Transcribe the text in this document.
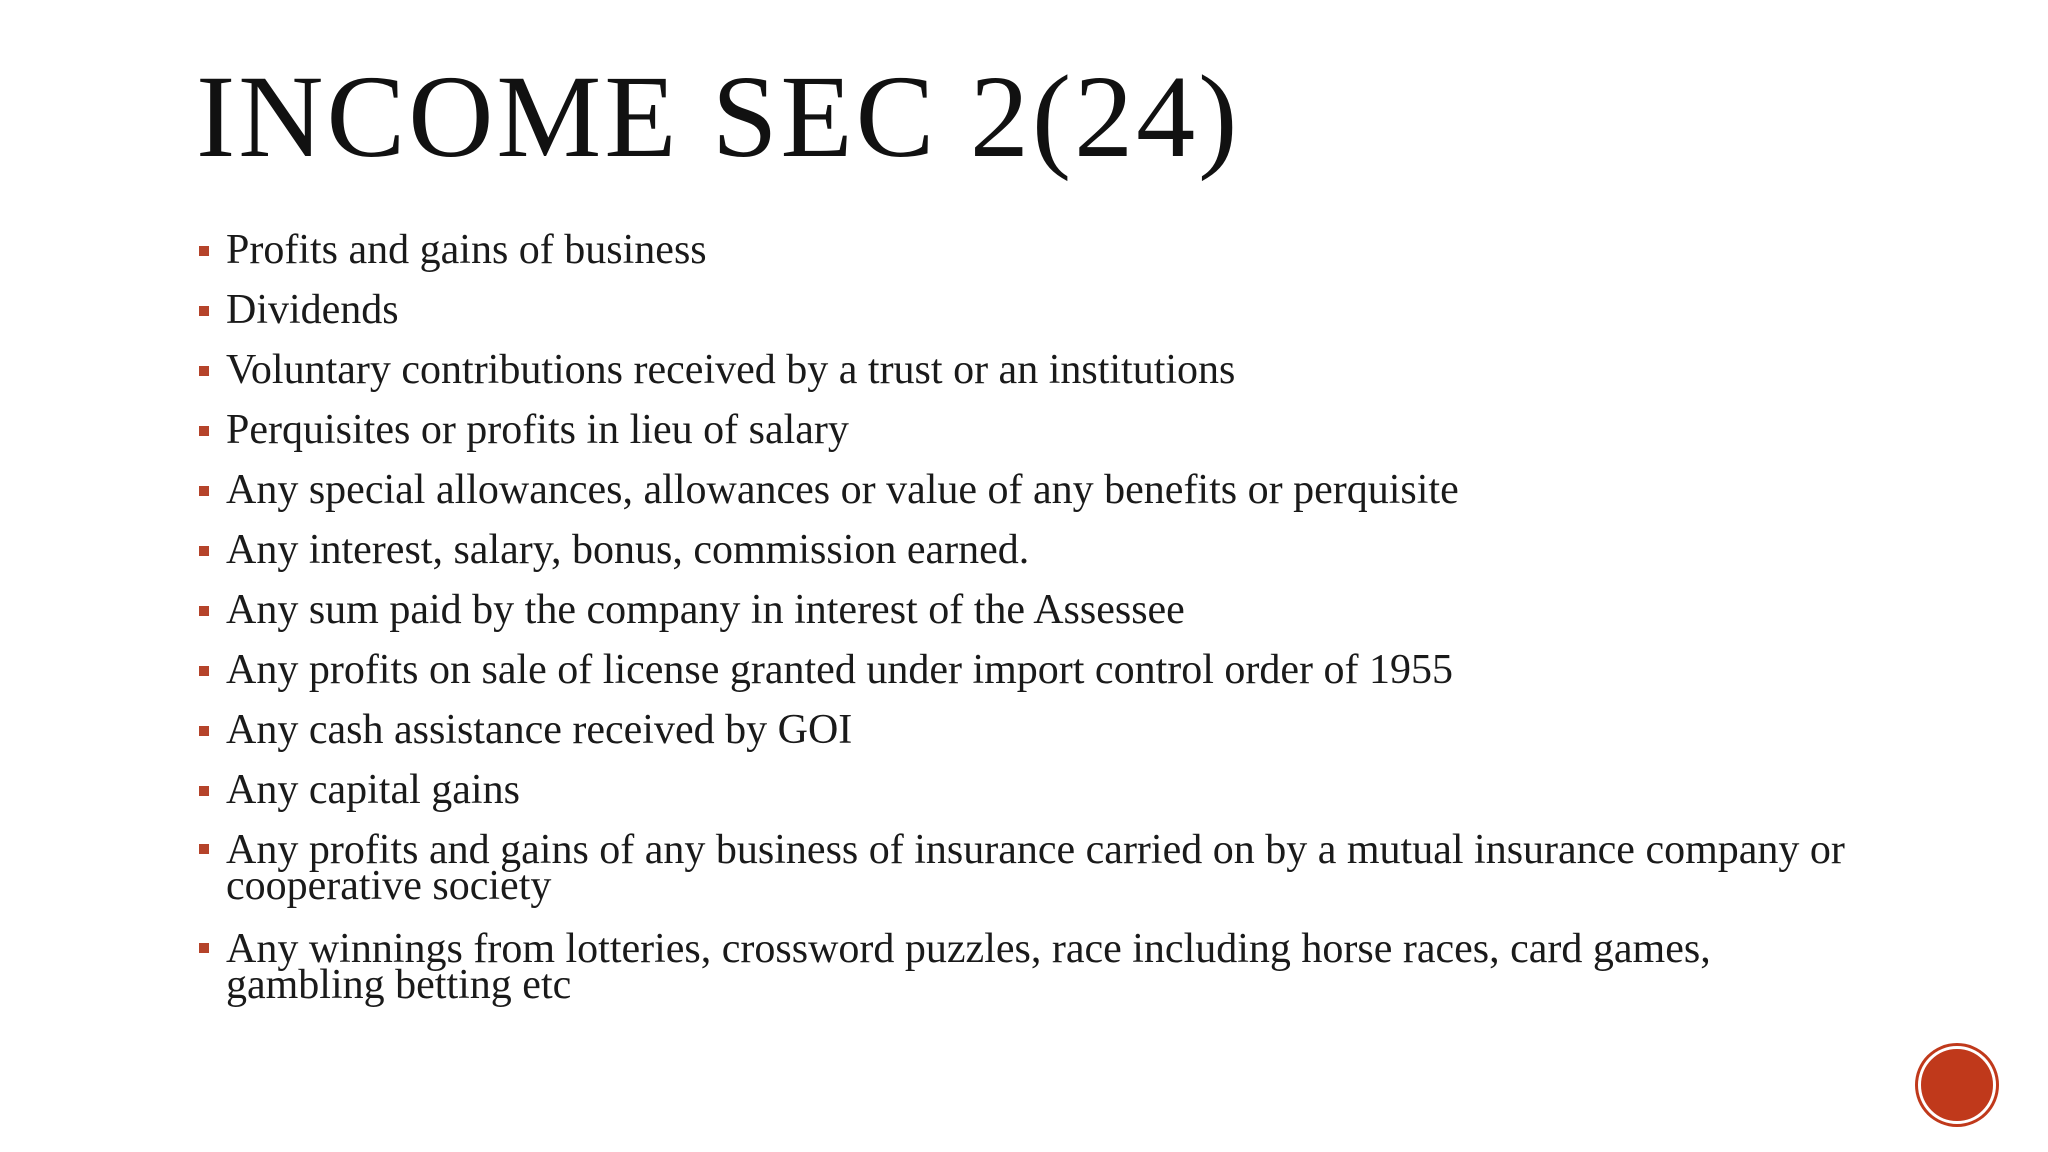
INCOME SEC 2(24)
Profits and gains of business
Dividends
Voluntary contributions received by a trust or an institutions
Perquisites or profits in lieu of salary
Any special allowances, allowances or value of any benefits or perquisite
Any interest, salary, bonus, commission earned.
Any sum paid by the company in interest of the Assessee
Any profits on sale of license granted under import control order of 1955
Any cash assistance received by GOI
Any capital gains
Any profits and gains of any business of insurance carried on by a mutual insurance company or cooperative society
Any winnings from lotteries, crossword puzzles, race including horse races, card games, gambling betting etc
